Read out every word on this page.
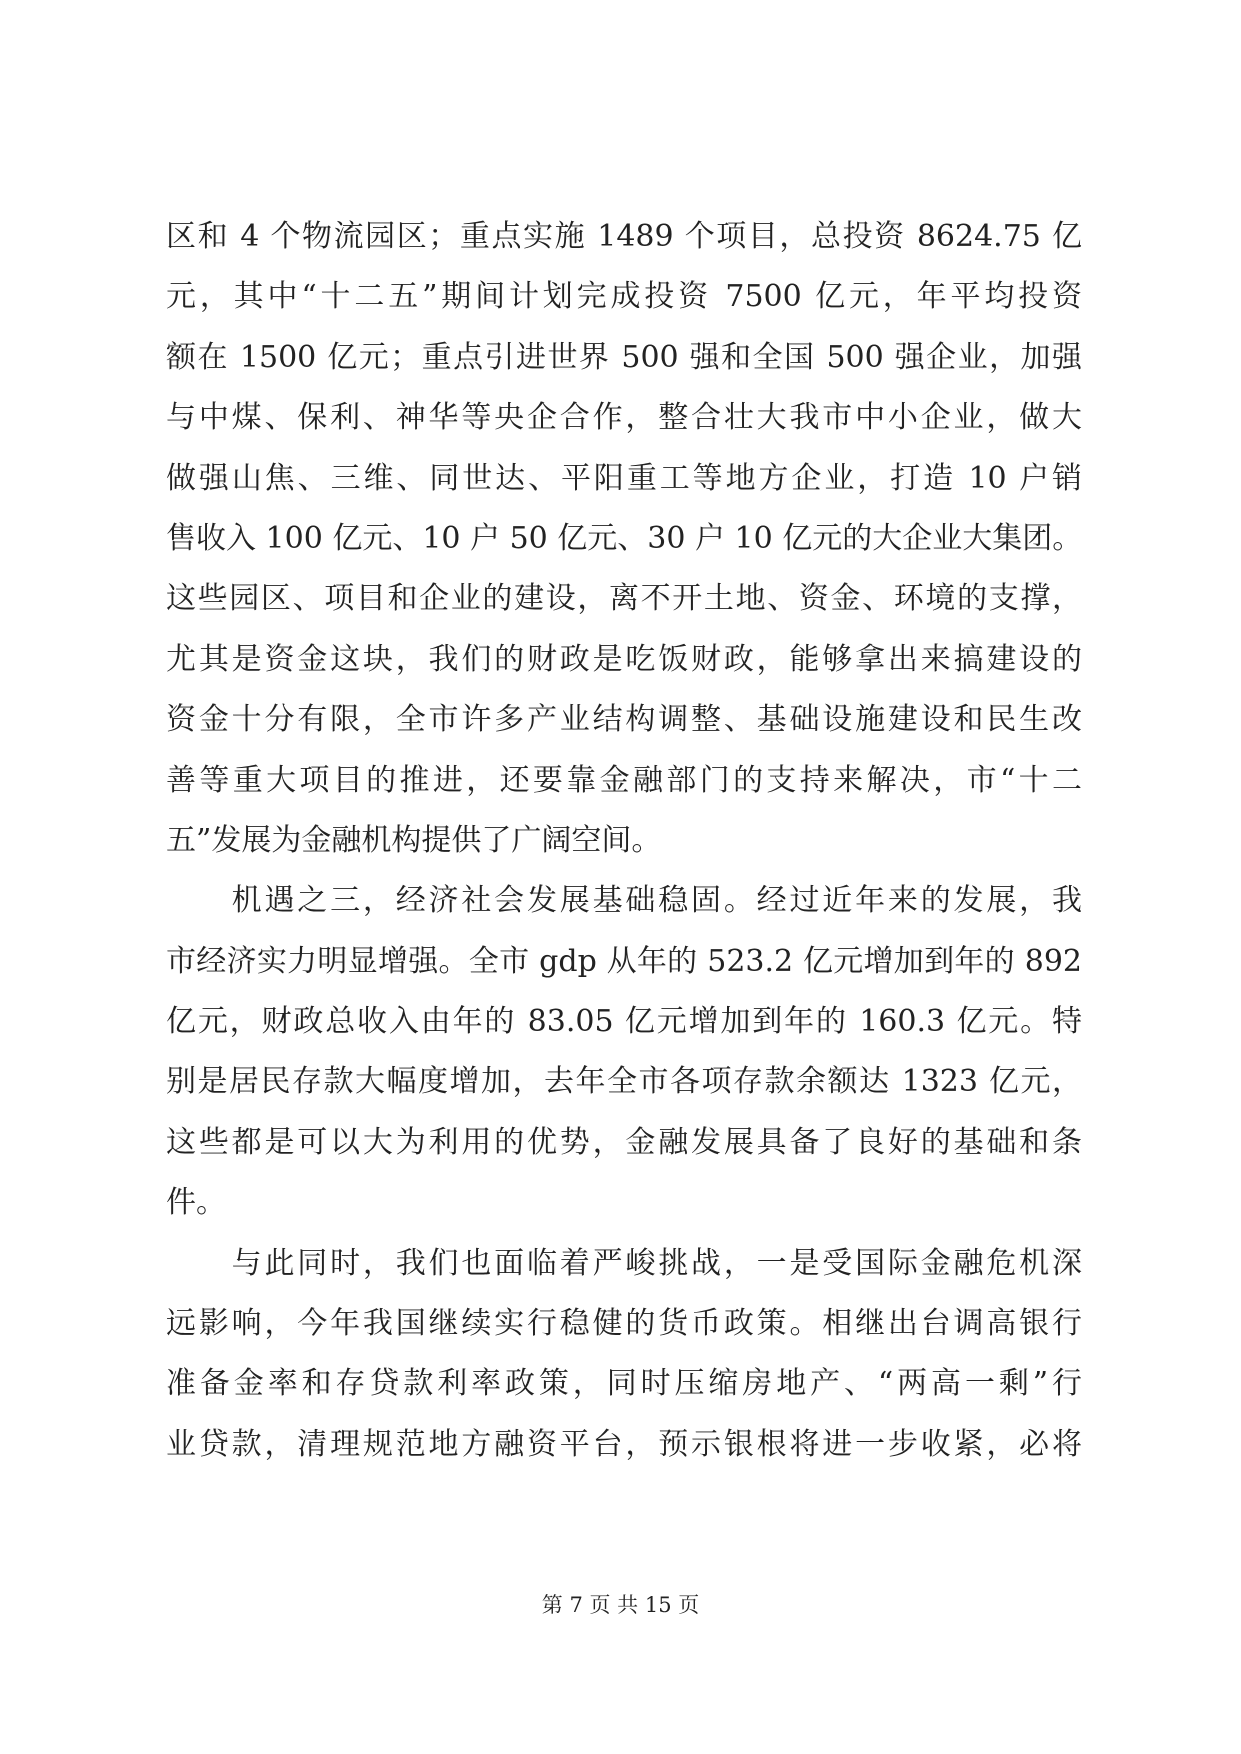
区和 4 个物流园区；重点实施 1489 个项目，总投资 8624.75 亿
元，其中“十二五”期间计划完成投资 7500 亿元，年平均投资
额在 1500 亿元；重点引进世界 500 强和全国 500 强企业，加强
与中煤、保利、神华等央企合作，整合壮大我市中小企业，做大
做强山焦、三维、同世达、平阳重工等地方企业，打造 10 户销
售收入 100 亿元、10 户 50 亿元、30 户 10 亿元的大企业大集团。
这些园区、项目和企业的建设，离不开土地、资金、环境的支撑，
尤其是资金这块，我们的财政是吃饭财政，能够拿出来搞建设的
资金十分有限，全市许多产业结构调整、基础设施建设和民生改
善等重大项目的推进，还要靠金融部门的支持来解决，市“十二
五”发展为金融机构提供了广阔空间。
　　机遇之三，经济社会发展基础稳固。经过近年来的发展，我
市经济实力明显增强。全市 gdp 从年的 523.2 亿元增加到年的 892
亿元，财政总收入由年的 83.05 亿元增加到年的 160.3 亿元。特
别是居民存款大幅度增加，去年全市各项存款余额达 1323 亿元，
这些都是可以大为利用的优势，金融发展具备了良好的基础和条
件。
　　与此同时，我们也面临着严峻挑战，一是受国际金融危机深
远影响，今年我国继续实行稳健的货币政策。相继出台调高银行
准备金率和存贷款利率政策，同时压缩房地产、“两高一剩”行
业贷款，清理规范地方融资平台，预示银根将进一步收紧，必将
第 7 页 共 15 页
